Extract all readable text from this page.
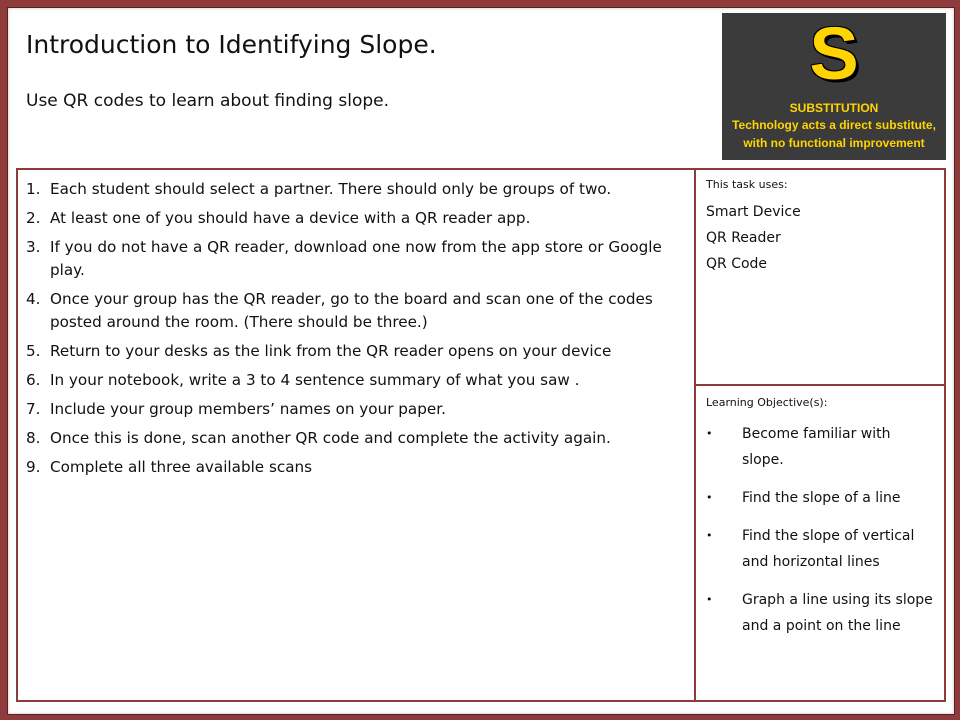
Introduction to Identifying Slope.
Use QR codes to learn about finding slope.
S
SUBSTITUTION
Technology acts a direct substitute, with no functional improvement
1. Each student should select a partner. There should only be groups of two.
2. At least one of you should have a device with a QR reader app.
3. If you do not have a QR reader, download one now from the app store or Google play.
4. Once your group has the QR reader, go to the board and scan one of the codes posted around the room. (There should be three.)
5. Return to your desks as the link from the QR reader opens on your device
6. In your notebook, write a 3 to 4 sentence summary of what you saw .
7. Include your group members’ names on your paper.
8. Once this is done, scan another QR code and complete the activity again.
9. Complete all three available scans
This task uses:
Smart Device
QR Reader
QR Code
Learning Objective(s):
•	Become familiar with slope.
•	Find the slope of a line
•	Find the slope of vertical and horizontal lines
•	Graph a line using its slope and a point on the line
